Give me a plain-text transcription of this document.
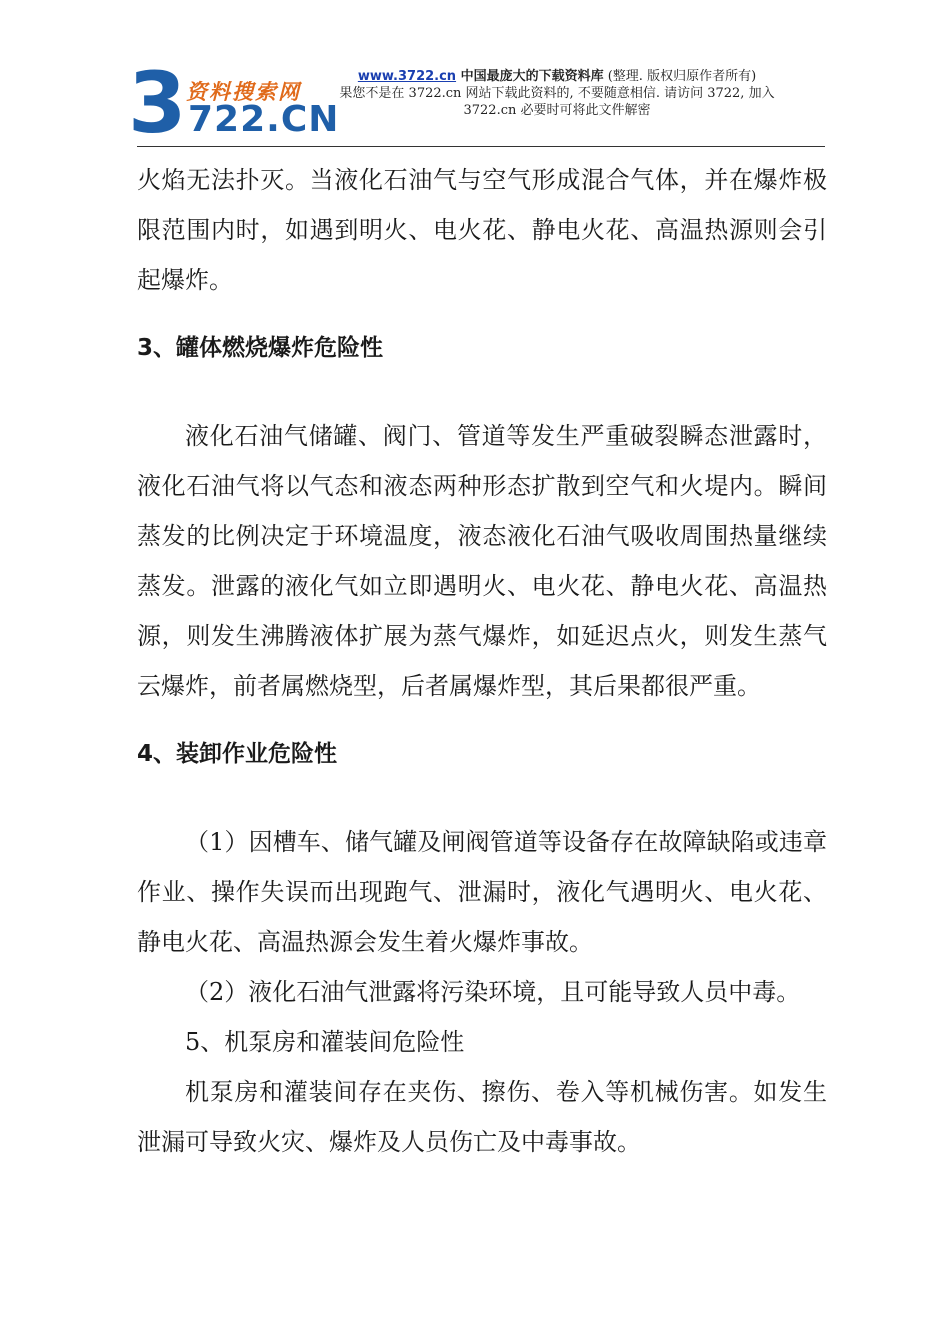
3 资料搜索网
722.CN
www.3722.cn 中国最庞大的下载资料库 (整理. 版权归原作者所有)
果您不是在 3722.cn 网站下载此资料的, 不要随意相信. 请访问 3722, 加入
3722.cn 必要时可将此文件解密

火焰无法扑灭。当液化石油气与空气形成混合气体，并在爆炸极限范围内时，如遇到明火、电火花、静电火花、高温热源则会引起爆炸。

3、罐体燃烧爆炸危险性

液化石油气储罐、阀门、管道等发生严重破裂瞬态泄露时，液化石油气将以气态和液态两种形态扩散到空气和火堤内。瞬间蒸发的比例决定于环境温度，液态液化石油气吸收周围热量继续蒸发。泄露的液化气如立即遇明火、电火花、静电火花、高温热源，则发生沸腾液体扩展为蒸气爆炸，如延迟点火，则发生蒸气云爆炸，前者属燃烧型，后者属爆炸型，其后果都很严重。

4、装卸作业危险性

（1）因槽车、储气罐及闸阀管道等设备存在故障缺陷或违章作业、操作失误而出现跑气、泄漏时，液化气遇明火、电火花、静电火花、高温热源会发生着火爆炸事故。

（2）液化石油气泄露将污染环境，且可能导致人员中毒。

5、机泵房和灌装间危险性

机泵房和灌装间存在夹伤、擦伤、卷入等机械伤害。如发生泄漏可导致火灾、爆炸及人员伤亡及中毒事故。
